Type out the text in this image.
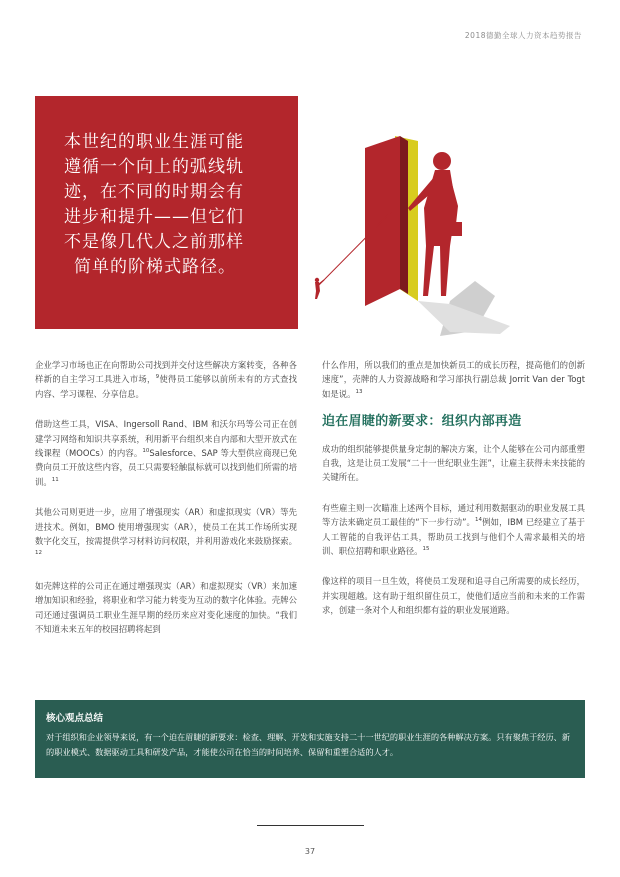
2018德勤全球人力资本趋势报告
本世纪的职业生涯可能
遵循一个向上的弧线轨
迹，在不同的时期会有
进步和提升——但它们
不是像几代人之前那样
简单的阶梯式路径。

企业学习市场也正在向帮助公司找到并交付这些解决方案转变，各种各样新的自主学习工具进入市场，$^9$使得员工能够以前所未有的方式查找内容、学习课程、分享信息。

借助这些工具，VISA、Ingersoll Rand、IBM 和沃尔玛等公司正在创建学习网络和知识共享系统，利用新平台组织来自内部和大型开放式在线课程（MOOCs）的内容。$^{10}$Salesforce、SAP 等大型供应商现已免费向员工开放这些内容，员工只需要轻触鼠标就可以找到他们所需的培训。$^{11}$

其他公司则更进一步，应用了增强现实（AR）和虚拟现实（VR）等先进技术。例如，BMO 使用增强现实（AR），使员工在其工作场所实现数字化交互，按需提供学习材料访问权限，并利用游戏化来鼓励探索。$^{12}$

如壳牌这样的公司正在通过增强现实（AR）和虚拟现实（VR）来加速增加知识和经验，将职业和学习能力转变为互动的数字化体验。壳牌公司还通过强调员工职业生涯早期的经历来应对变化速度的加快。“我们不知道未来五年的校园招聘将起到

什么作用，所以我们的重点是加快新员工的成长历程，提高他们的创新速度”，壳牌的人力资源战略和学习部执行副总裁 Jorrit Van der Togt 如是说。$^{13}$

迫在眉睫的新要求：组织内部再造

成功的组织能够提供量身定制的解决方案，让个人能够在公司内部重塑自我，这是让员工发展“二十一世纪职业生涯”，让雇主获得未来技能的关键所在。

有些雇主则一次瞄准上述两个目标，通过利用数据驱动的职业发展工具等方法来确定员工最佳的“下一步行动”。$^{14}$例如，IBM 已经建立了基于人工智能的自我评估工具，帮助员工找到与他们个人需求最相关的培训、职位招聘和职业路径。$^{15}$

像这样的项目一旦生效，将使员工发现和追寻自己所需要的成长经历，并实现超越。这有助于组织留住员工，使他们适应当前和未来的工作需求，创建一条对个人和组织都有益的职业发展道路。

核心观点总结
对于组织和企业领导来说，有一个迫在眉睫的新要求：检查、理解、开发和实施支持二十一世纪的职业生涯的各种解决方案。只有聚焦于经历、新的职业模式、数据驱动工具和研发产品，才能使公司在恰当的时间培养、保留和重塑合适的人才。
37
